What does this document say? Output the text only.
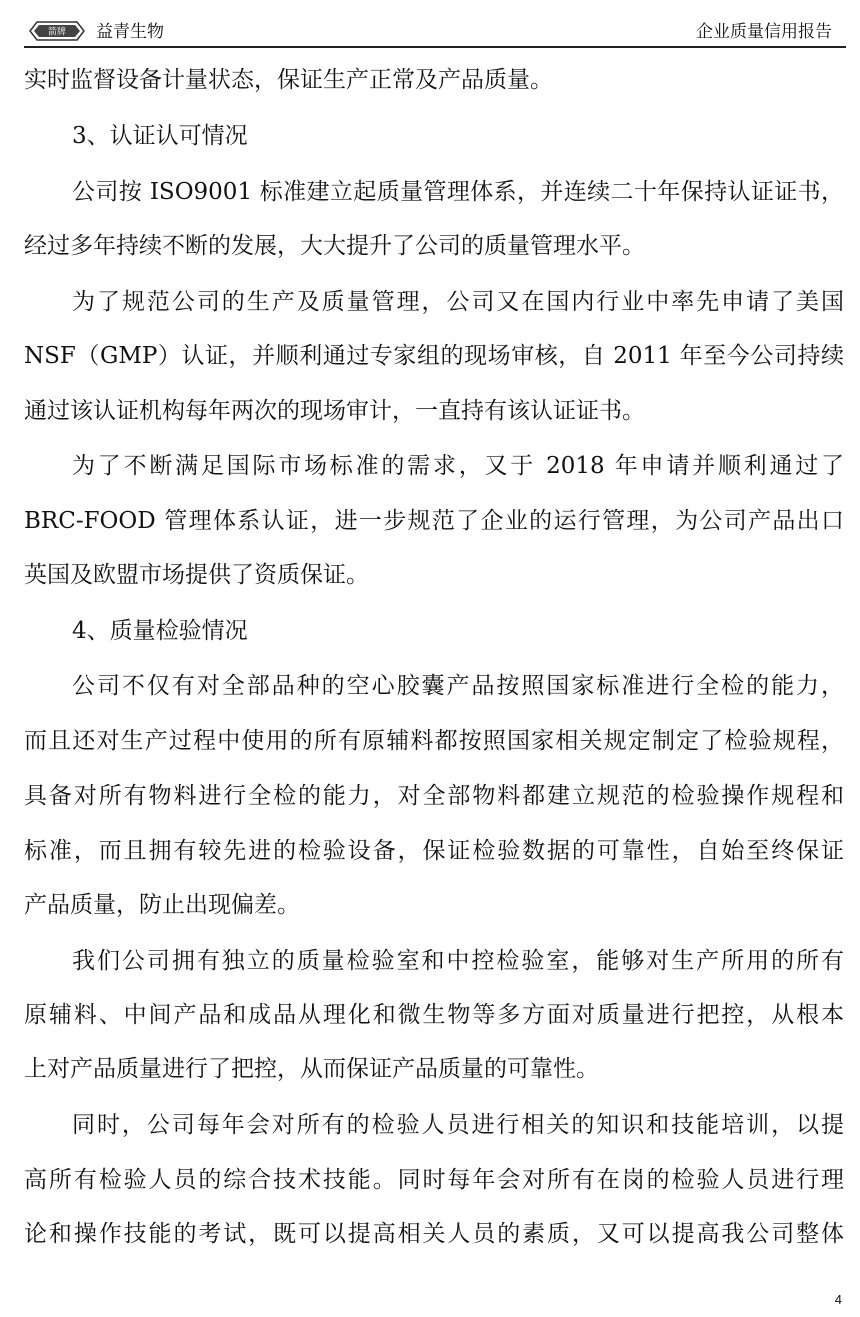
箭牌 益青生物	企业质量信用报告
实时监督设备计量状态，保证生产正常及产品质量。
3、认证认可情况
公司按 ISO9001 标准建立起质量管理体系，并连续二十年保持认证证书，
经过多年持续不断的发展，大大提升了公司的质量管理水平。
为了规范公司的生产及质量管理，公司又在国内行业中率先申请了美国
NSF（GMP）认证，并顺利通过专家组的现场审核，自 2011 年至今公司持续
通过该认证机构每年两次的现场审计，一直持有该认证证书。
为了不断满足国际市场标准的需求，又于 2018 年申请并顺利通过了
BRC-FOOD 管理体系认证，进一步规范了企业的运行管理，为公司产品出口
英国及欧盟市场提供了资质保证。
4、质量检验情况
公司不仅有对全部品种的空心胶囊产品按照国家标准进行全检的能力，
而且还对生产过程中使用的所有原辅料都按照国家相关规定制定了检验规程，
具备对所有物料进行全检的能力，对全部物料都建立规范的检验操作规程和
标准，而且拥有较先进的检验设备，保证检验数据的可靠性，自始至终保证
产品质量，防止出现偏差。
我们公司拥有独立的质量检验室和中控检验室，能够对生产所用的所有
原辅料、中间产品和成品从理化和微生物等多方面对质量进行把控，从根本
上对产品质量进行了把控，从而保证产品质量的可靠性。
同时，公司每年会对所有的检验人员进行相关的知识和技能培训，以提
高所有检验人员的综合技术技能。同时每年会对所有在岗的检验人员进行理
论和操作技能的考试，既可以提高相关人员的素质，又可以提高我公司整体
4
